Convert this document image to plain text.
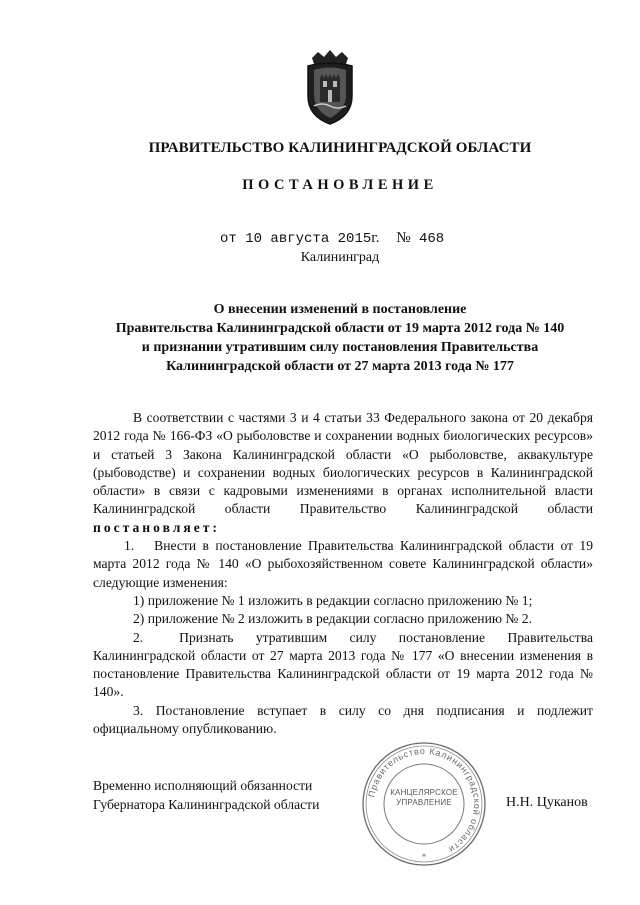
ПРАВИТЕЛЬСТВО КАЛИНИНГРАДСКОЙ ОБЛАСТИ
ПОСТАНОВЛЕНИЕ
от 10 августа 2015г. № 468
Калининград
О внесении изменений в постановление
Правительства Калининградской области от 19 марта 2012 года № 140
и признании утратившим силу постановления Правительства
Калининградской области от 27 марта 2013 года № 177

В соответствии с частями 3 и 4 статьи 33 Федерального закона от 20 декабря 2012 года № 166-ФЗ «О рыболовстве и сохранении водных биологических ресурсов» и статьей 3 Закона Калининградской области «О рыболовстве, аквакультуре (рыбоводстве) и сохранении водных биологических ресурсов в Калининградской области» в связи с кадровыми изменениями в органах исполнительной власти Калининградской области Правительство Калининградской области постановляет:

1.  Внести в постановление Правительства Калининградской области от 19 марта 2012 года № 140 «О рыбохозяйственном совете Калининградской области» следующие изменения:

1) приложение № 1 изложить в редакции согласно приложению № 1;

2) приложение № 2 изложить в редакции согласно приложению № 2.

2.  Признать утратившим силу постановление Правительства Калининградской области от 27 марта 2013 года № 177 «О внесении изменения в постановление Правительства Калининградской области от 19 марта 2012 года № 140».

3. Постановление вступает в силу со дня подписания и подлежит официальному опубликованию.

Временно исполняющий обязанности
Губернатора Калининградской области
Правительство Калининградской области
*
КАНЦЕЛЯРСКОЕ
УПРАВЛЕНИЕ	Н.Н. Цуканов
